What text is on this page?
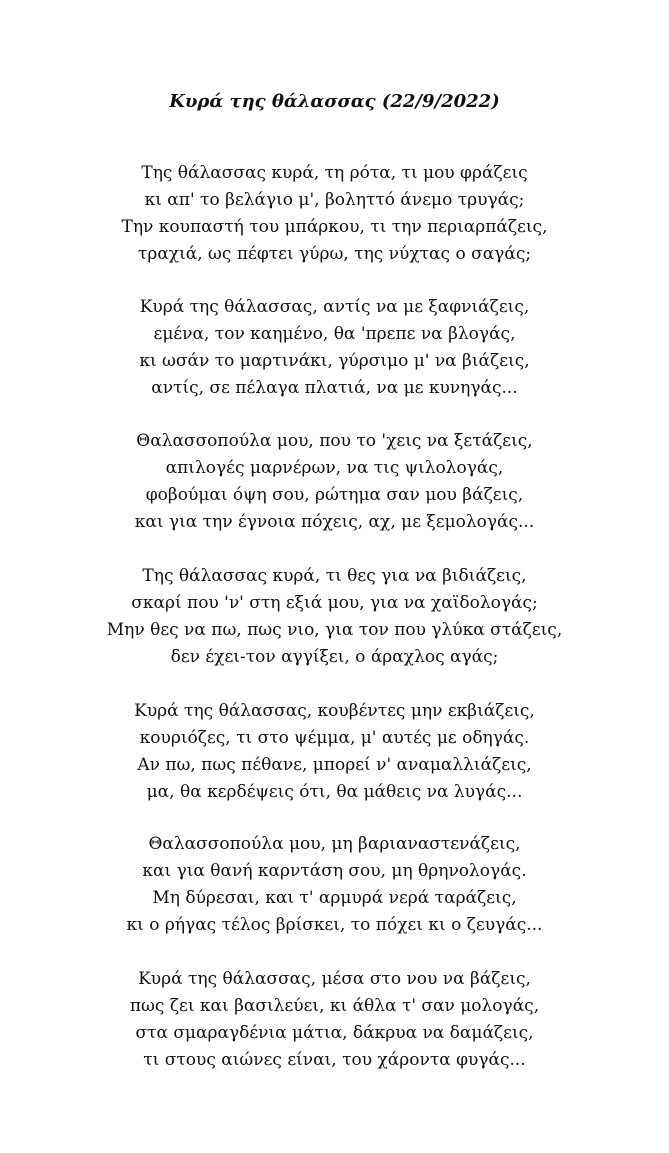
Κυρά της θάλασσας (22/9/2022)
Της θάλασσας κυρά, τη ρότα, τι μου φράζεις
κι απ' το βελάγιο μ', βοληττό άνεμο τρυγάς;
Την κουπαστή του μπάρκου, τι την περιαρπάζεις,
τραχιά, ως πέφτει γύρω, της νύχτας ο σαγάς;
Κυρά της θάλασσας, αντίς να με ξαφνιάζεις,
εμένα, τον καημένο, θα 'πρεπε να βλογάς,
κι ωσάν το μαρτινάκι, γύρσιμο μ' να βιάζεις,
αντίς, σε πέλαγα πλατιά, να με κυνηγάς...
Θαλασσοπούλα μου, που το 'χεις να ξετάζεις,
απιλογές μαρνέρων, να τις ψιλολογάς,
φοβούμαι όψη σου, ρώτημα σαν μου βάζεις,
και για την έγνοια πόχεις, αχ, με ξεμολογάς...
Της θάλασσας κυρά, τι θες για να βιδιάζεις,
σκαρί που 'ν' στη εξιά μου, για να χαϊδολογάς;
Μην θες να πω, πως νιο, για τον που γλύκα στάζεις,
δεν έχει-τον αγγίξει, ο άραχλος αγάς;
Κυρά της θάλασσας, κουβέντες μην εκβιάζεις,
κουριόζες, τι στο ψέμμα, μ' αυτές με οδηγάς.
Αν πω, πως πέθανε, μπορεί ν' αναμαλλιάζεις,
μα, θα κερδέψεις ότι, θα μάθεις να λυγάς...
Θαλασσοπούλα μου, μη βαριαναστενάζεις,
και για θανή καρντάση σου, μη θρηνολογάς.
Μη δύρεσαι, και τ' αρμυρά νερά ταράζεις,
κι ο ρήγας τέλος βρίσκει, το πόχει κι ο ζευγάς...
Κυρά της θάλασσας, μέσα στο νου να βάζεις,
πως ζει και βασιλεύει, κι άθλα τ' σαν μολογάς,
στα σμαραγδένια μάτια, δάκρυα να δαμάζεις,
τι στους αιώνες είναι, του χάροντα φυγάς...
